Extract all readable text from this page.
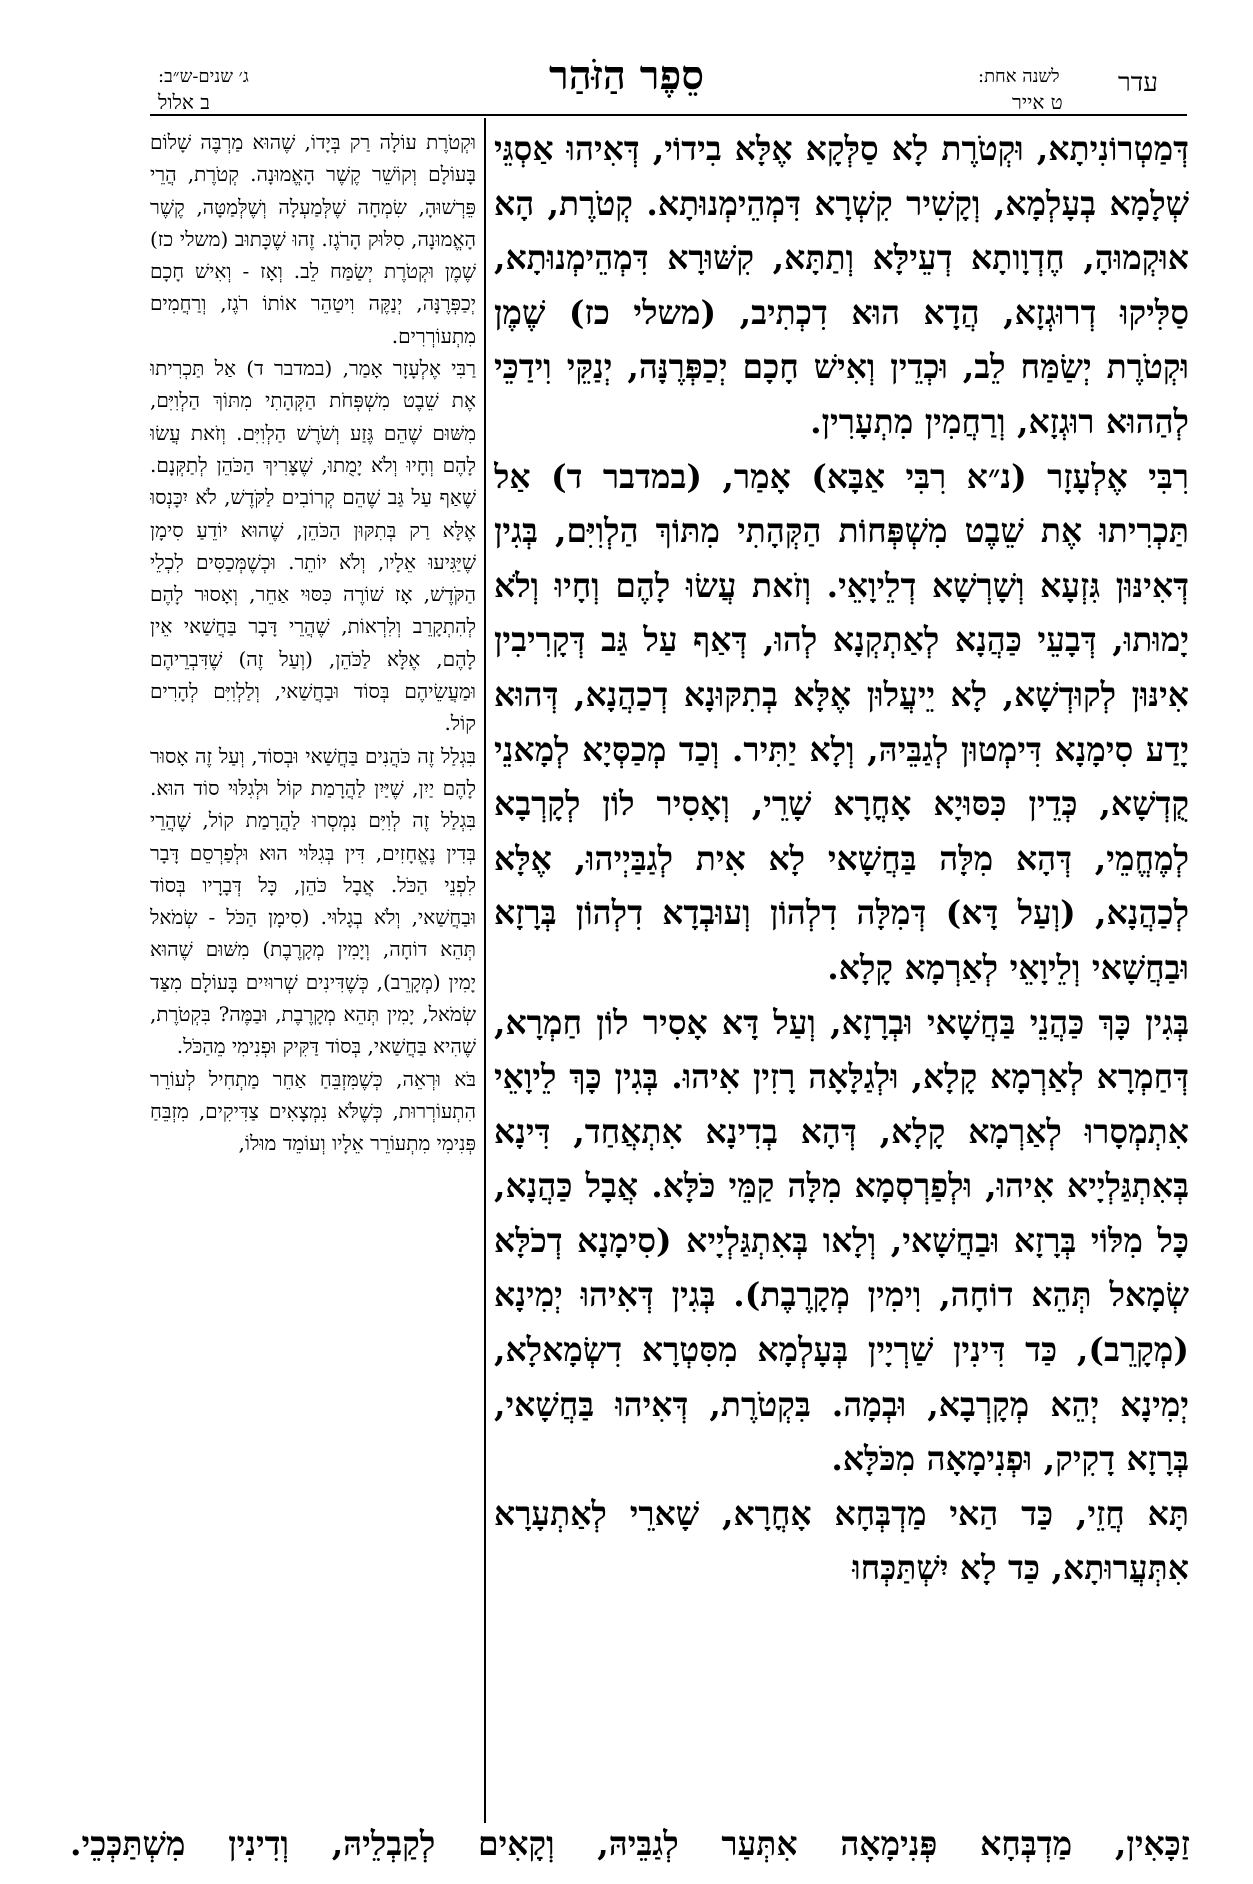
ג׳ שנים-ש״ב:
ב אלול
סֵפֶר הַזֹּהַר	לשנה אחת:
ט אייר
עדר

דְּמַטְרוֹנִיתָא, וּקְטֹרֶת לָא סַלְּקָא אֶלָּא בִידוֹי, דְּאִיהוּ אַסְגֵּי שְׁלָמָא בְעָלְמָא, וְקָשִׁיר קִשְׁרָא דִּמְהֵימְנוּתָא. קְטֹרֶת, הָא אוּקְמוּהָ, חֶדְוָותָא דְעֵילָּא וְתַתָּא, קִשּׁוּרָא דִּמְהֵימְנוּתָא, סַלִּיקוּ דְרוּגְזָא, הֲדָא הוּא דִכְתִיב, (משלי כז) שֶׁמֶן וּקְטֹרֶת יְשַׂמַּח לֵב, וּכְדֵין וְאִישׁ חָכָם יְכַפְּרֶנָּה, יְנַקֵּי וִידַכֵּי לְהַהוּא רוּגְזָא, וְרַחֲמִין מִתְעָרִין.

רִבִּי אֶלְעָזָר (נ״א רִבִּי אַבָּא) אָמַר, (במדבר ד) אַל תַּכְרִיתוּ אֶת שֵׁבֶט מִשְׁפְּחוֹת הַקְּהָתִי מִתּוֹךְ הַלְוִיִּם, בְּגִין דְּאִינּוּן גִּזְעָא וְשָׁרְשָׁא דְלֵיוָאֵי. וְזֹאת עֲשׂוּ לָהֶם וְחָיוּ וְלֹא יָמוּתוּ, דְּבָעֵי כַּהֲנָא לְאַתְקְנָא לְהוּ, דְּאַף עַל גַּב דְּקָרִיבִין אִינּוּן לְקוּדְשָׁא, לָא יֵיעֲלוּן אֶלָּא בְתִקּוּנָא דְכַהֲנָא, דְּהוּא יָדַע סִימָנָא דִּימְטוּן לְגַבֵּיהּ, וְלָא יַתִּיר. וְכַד מְכַסְּיָא לְמָאנֵי קֻדְשָׁא, כְּדֵין כִּסּוּיָא אָחֳרָא שָׁרֵי, וְאָסִיר לוֹן לְקָרְבָא לְמֶחֱמֵי, דְּהָא מִלָּה בַּחֲשָׁאי לָא אִית לְגַבַּיְיהוּ, אֶלָּא לְכַהֲנָא, (וְעַל דָּא) דְּמִלָּה דִלְהוֹן וְעוּבְדָא דִלְהוֹן בְּרָזָא וּבַחֲשָׁאי וְלֵיוָאֵי לְאַרְמָא קָלָא.

בְּגִין כָּךְ כַּהֲנֵי בַּחֲשָׁאי וּבְרָזָא, וְעַל דָּא אָסִיר לוֹן חַמְרָא, דְּחַמְרָא לְאַרְמָא קָלָא, וּלְגַלָּאָה רָזִין אִיהוּ. בְּגִין כָּךְ לֵיוָאֵי אִתְמְסָרוּ לְאַרְמָא קָלָא, דְּהָא בְדִינָא אִתְאֲחַד, דִּינָא בְּאִתְגַּלְיָיא אִיהוּ, וּלְפַרְסְמָא מִלָּה קַמֵּי כֹּלָּא. אֲבָל כַּהֲנָא, כָּל מִלּוֹי בְּרָזָא וּבַחֲשָׁאי, וְלָאו בְּאִתְגַּלְיָיא (סִימָנָא דְכֹלָּא שְׂמָאל תְּהֵא דוֹחָה, וִימִין מְקָרֶבֶת). בְּגִין דְּאִיהוּ יְמִינָא (מְקָרֵב), כַּד דִּינִין שַׁרְיָין בְּעָלְמָא מִסִּטְרָא דִשְׂמָאלָא, יְמִינָא יְהֵא מְקָרְבָא, וּבְמָה. בִּקְטֹרֶת, דְּאִיהוּ בַּחֲשָׁאי, בְּרָזָא דָקִיק, וּפְנִימָאָה מִכֹּלָּא.

תָּא חֲזֵי, כַּד הַאי מַדְבְּחָא אָחֳרָא, שָׁארֵי לְאַתְעָרָא אִתְּעֲרוּתָא, כַּד לָא יִשְׁתַּכְּחוּ

וּקְטֹרֶת עוֹלָה רַק בְּיָדוֹ, שֶׁהוּא מַרְבֶּה שָׁלוֹם בָּעוֹלָם וְקוֹשֵׁר קֶשֶׁר הָאֱמוּנָה. קְטֹרֶת, הֲרֵי פֵּרְשׁוּהָ, שִׂמְחָה שֶׁלְּמַעְלָה וְשֶׁלְּמַטָּה, קֶשֶׁר הָאֱמוּנָה, סִלּוּק הָרֹגֶז. זֶהוּ שֶׁכָּתוּב (משלי כז) שֶׁמֶן וּקְטֹרֶת יְשַׂמַּח לֵב. וְאָז - וְאִישׁ חָכָם יְכַפְּרֶנָּה, יְנַקֶּה וִיטַהֵר אוֹתוֹ רֹגֶז, וְרַחֲמִים מִתְעוֹרְרִים.

רַבִּי אֶלְעָזָר אָמַר, (במדבר ד) אַל תַּכְרִיתוּ אֶת שֵׁבֶט מִשְׁפְּחֹת הַקְּהָתִי מִתּוֹךְ הַלְוִיִּם, מִשּׁוּם שֶׁהֵם גֶּזַע וְשֹׁרֶשׁ הַלְוִיִּם. וְזֹאת עֲשׂוּ לָהֶם וְחָיוּ וְלֹא יָמֻתוּ, שֶׁצָּרִיךְ הַכֹּהֵן לְתַקְּנָם. שֶׁאַף עַל גַּב שֶׁהֵם קְרוֹבִים לַקֹּדֶשׁ, לֹא יִכָּנְסוּ אֶלָּא רַק בְּתִקּוּן הַכֹּהֵן, שֶׁהוּא יוֹדֵעַ סִימָן שֶׁיַּגִּיעוּ אֵלָיו, וְלֹא יוֹתֵר. וּכְשֶׁמְּכַסִּים לִכְלֵי הַקֹּדֶשׁ, אָז שׁוֹרֶה כִּסּוּי אַחֵר, וְאָסוּר לָהֶם לְהִתְקָרֵב וְלִרְאוֹת, שֶׁהֲרֵי דָּבָר בַּחֲשַׁאי אֵין לָהֶם, אֶלָּא לַכֹּהֵן, (וְעַל זֶה) שֶׁדִּבְרֵיהֶם וּמַעֲשֵׂיהֶם בְּסוֹד וּבַחֲשַׁאי, וְלַלְוִיִּם לְהָרִים קוֹל.

בִּגְלַל זֶה כֹּהֲנִים בַּחֲשַׁאי וּבְסוֹד, וְעַל זֶה אָסוּר לָהֶם יַיִן, שֶׁיַּיִן לַהֲרָמַת קוֹל וּלְגִלּוּי סוֹד הוּא. בִּגְלַל זֶה לְוִיִּם נִמְסְרוּ לַהֲרָמַת קוֹל, שֶׁהֲרֵי בְּדִין נֶאֱחָזִים, דִּין בְּגִלּוּי הוּא וּלְפַרְסֵם דָּבָר לִפְנֵי הַכֹּל. אֲבָל כֹּהֵן, כָּל דְּבָרָיו בְּסוֹד וּבַחֲשַׁאי, וְלֹא בְגָלוּי. (סִימָן הַכֹּל - שְׂמֹאל תְּהֵא דוֹחָה, וְיָמִין מְקָרֶבֶת) מִשּׁוּם שֶׁהוּא יָמִין (מְקָרֵב), כְּשֶׁדִּינִים שְׁרוּיִים בָּעוֹלָם מִצַּד שְׂמֹאל, יָמִין תְּהֵא מְקָרֶבֶת, וּבַמֶּה? בִּקְטֹרֶת, שֶׁהִיא בַּחֲשַׁאי, בְּסוֹד דַּקִּיק וּפְנִימִי מֵהַכֹּל.

בֹּא וּרְאֵה, כְּשֶׁמִּזְבֵּחַ אַחֵר מַתְחִיל לְעוֹרֵר הִתְעוֹרְרוּת, כְּשֶׁלֹּא נִמְצָאִים צַדִּיקִים, מִזְבֵּחַ פְּנִימִי מִתְעוֹרֵר אֵלָיו וְעוֹמֵד מוּלוֹ,

זַכָּאִין, מַדְבְּחָא פְּנִימָאָה אִתְּעַר לְגַבֵּיהּ, וְקָאִים לְקַבְלֵיהּ, וְדִינִין מִשְׁתַּכְּכֵי.
